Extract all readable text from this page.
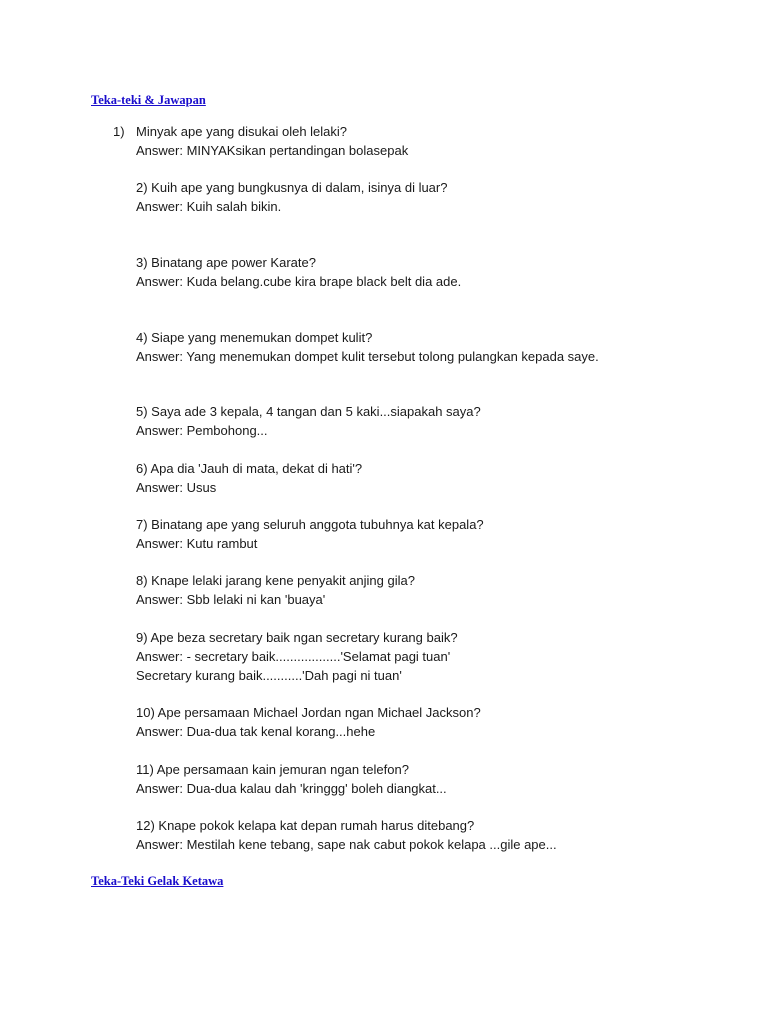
Teka-teki & Jawapan
1) Minyak ape yang disukai oleh lelaki?
Answer: MINYAKsikan pertandingan bolasepak
2) Kuih ape yang bungkusnya di dalam, isinya di luar?
Answer: Kuih salah bikin.
3) Binatang ape power Karate?
Answer: Kuda belang.cube kira brape black belt dia ade.
4) Siape yang menemukan dompet kulit?
Answer: Yang menemukan dompet kulit tersebut tolong pulangkan kepada saye.
5) Saya ade 3 kepala, 4 tangan dan 5 kaki...siapakah saya?
Answer: Pembohong...
6) Apa dia 'Jauh di mata, dekat di hati'?
Answer: Usus
7) Binatang ape yang seluruh anggota tubuhnya kat kepala?
Answer: Kutu rambut
8) Knape lelaki jarang kene penyakit anjing gila?
Answer: Sbb lelaki ni kan 'buaya'
9) Ape beza secretary baik ngan secretary kurang baik?
Answer: - secretary baik..................'Selamat pagi tuan'
Secretary kurang baik...........'Dah pagi ni tuan'
10) Ape persamaan Michael Jordan ngan Michael Jackson?
Answer: Dua-dua tak kenal korang...hehe
11) Ape persamaan kain jemuran ngan telefon?
Answer: Dua-dua kalau dah 'kringgg' boleh diangkat...
12) Knape pokok kelapa kat depan rumah harus ditebang?
Answer: Mestilah kene tebang, sape nak cabut pokok kelapa ...gile ape...
Teka-Teki Gelak Ketawa
